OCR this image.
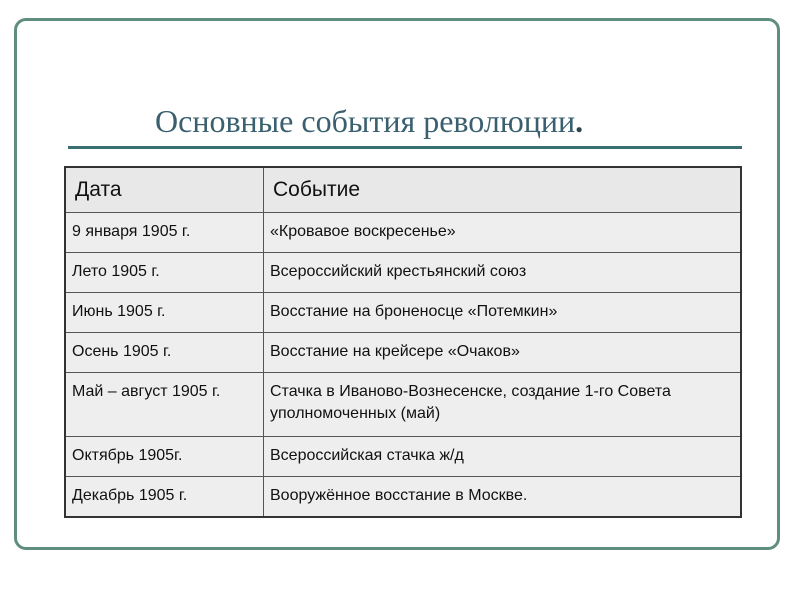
Основные события революции.
Дата	Событие
9 января 1905 г.	«Кровавое воскресенье»
Лето 1905 г.	Всероссийский крестьянский союз
Июнь 1905 г.	Восстание на броненосце «Потемкин»
Осень 1905 г.	Восстание на крейсере «Очаков»
Май – август 1905 г.	Стачка в Иваново-Вознесенске, создание 1-го Совета уполномоченных (май)
Октябрь 1905г.	Всероссийская стачка ж/д
Декабрь 1905 г.	Вооружённое восстание в Москве.
